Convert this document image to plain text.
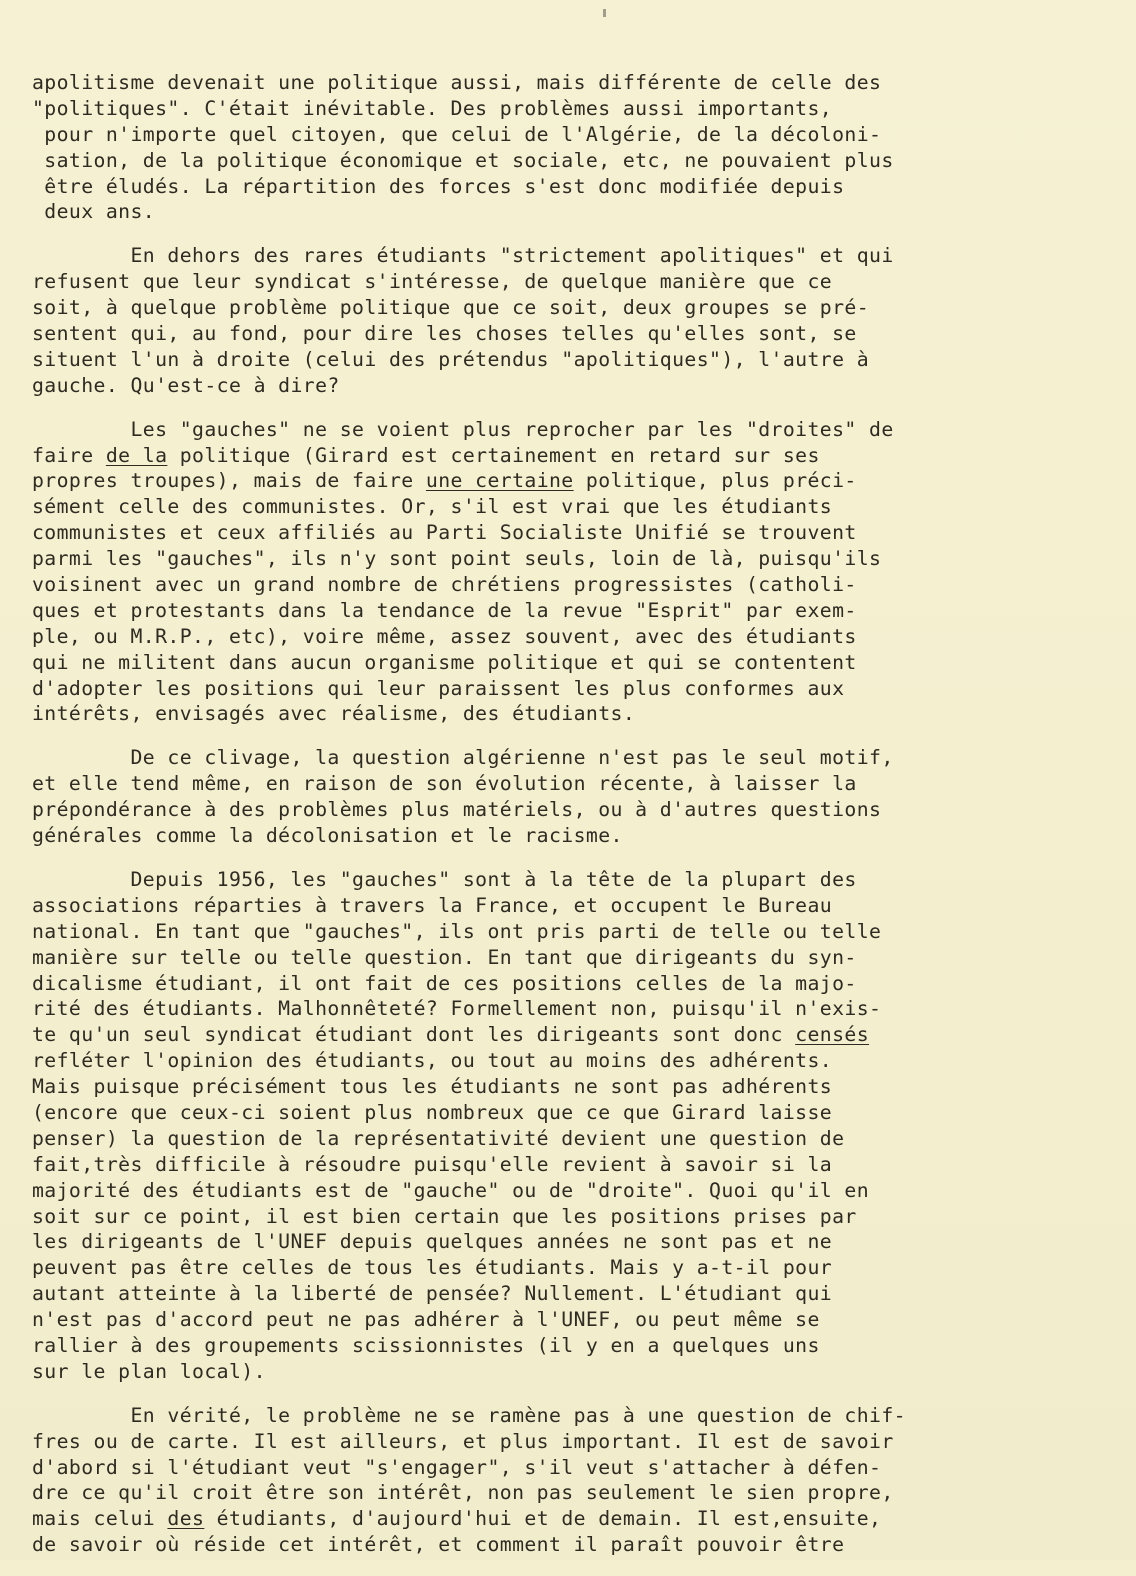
apolitisme devenait une politique aussi, mais différente de celle des
"politiques". C'était inévitable. Des problèmes aussi importants,
pour n'importe quel citoyen, que celui de l'Algérie, de la décoloni-
sation, de la politique économique et sociale, etc, ne pouvaient plus
être éludés. La répartition des forces s'est donc modifiée depuis
deux ans.
En dehors des rares étudiants "strictement apolitiques" et qui
refusent que leur syndicat s'intéresse, de quelque manière que ce
soit, à quelque problème politique que ce soit, deux groupes se pré-
sentent qui, au fond, pour dire les choses telles qu'elles sont, se
situent l'un à droite (celui des prétendus "apolitiques"), l'autre à
gauche. Qu'est-ce à dire?
Les "gauches" ne se voient plus reprocher par les "droites" de
faire de la politique (Girard est certainement en retard sur ses
propres troupes), mais de faire une certaine politique, plus préci-
sément celle des communistes. Or, s'il est vrai que les étudiants
communistes et ceux affiliés au Parti Socialiste Unifié se trouvent
parmi les "gauches", ils n'y sont point seuls, loin de là, puisqu'ils
voisinent avec un grand nombre de chrétiens progressistes (catholi-
ques et protestants dans la tendance de la revue "Esprit" par exem-
ple, ou M.R.P., etc), voire même, assez souvent, avec des étudiants
qui ne militent dans aucun organisme politique et qui se contentent
d'adopter les positions qui leur paraissent les plus conformes aux
intérêts, envisagés avec réalisme, des étudiants.
De ce clivage, la question algérienne n'est pas le seul motif,
et elle tend même, en raison de son évolution récente, à laisser la
prépondérance à des problèmes plus matériels, ou à d'autres questions
générales comme la décolonisation et le racisme.
Depuis 1956, les "gauches" sont à la tête de la plupart des
associations réparties à travers la France, et occupent le Bureau
national. En tant que "gauches", ils ont pris parti de telle ou telle
manière sur telle ou telle question. En tant que dirigeants du syn-
dicalisme étudiant, il ont fait de ces positions celles de la majo-
rité des étudiants. Malhonnêteté? Formellement non, puisqu'il n'exis-
te qu'un seul syndicat étudiant dont les dirigeants sont donc censés
refléter l'opinion des étudiants, ou tout au moins des adhérents.
Mais puisque précisément tous les étudiants ne sont pas adhérents
(encore que ceux-ci soient plus nombreux que ce que Girard laisse
penser) la question de la représentativité devient une question de
fait,très difficile à résoudre puisqu'elle revient à savoir si la
majorité des étudiants est de "gauche" ou de "droite". Quoi qu'il en
soit sur ce point, il est bien certain que les positions prises par
les dirigeants de l'UNEF depuis quelques années ne sont pas et ne
peuvent pas être celles de tous les étudiants. Mais y a-t-il pour
autant atteinte à la liberté de pensée? Nullement. L'étudiant qui
n'est pas d'accord peut ne pas adhérer à l'UNEF, ou peut même se
rallier à des groupements scissionnistes (il y en a quelques uns
sur le plan local).
En vérité, le problème ne se ramène pas à une question de chif-
fres ou de carte. Il est ailleurs, et plus important. Il est de savoir
d'abord si l'étudiant veut "s'engager", s'il veut s'attacher à défen-
dre ce qu'il croit être son intérêt, non pas seulement le sien propre,
mais celui des étudiants, d'aujourd'hui et de demain. Il est,ensuite,
de savoir où réside cet intérêt, et comment il paraît pouvoir être
